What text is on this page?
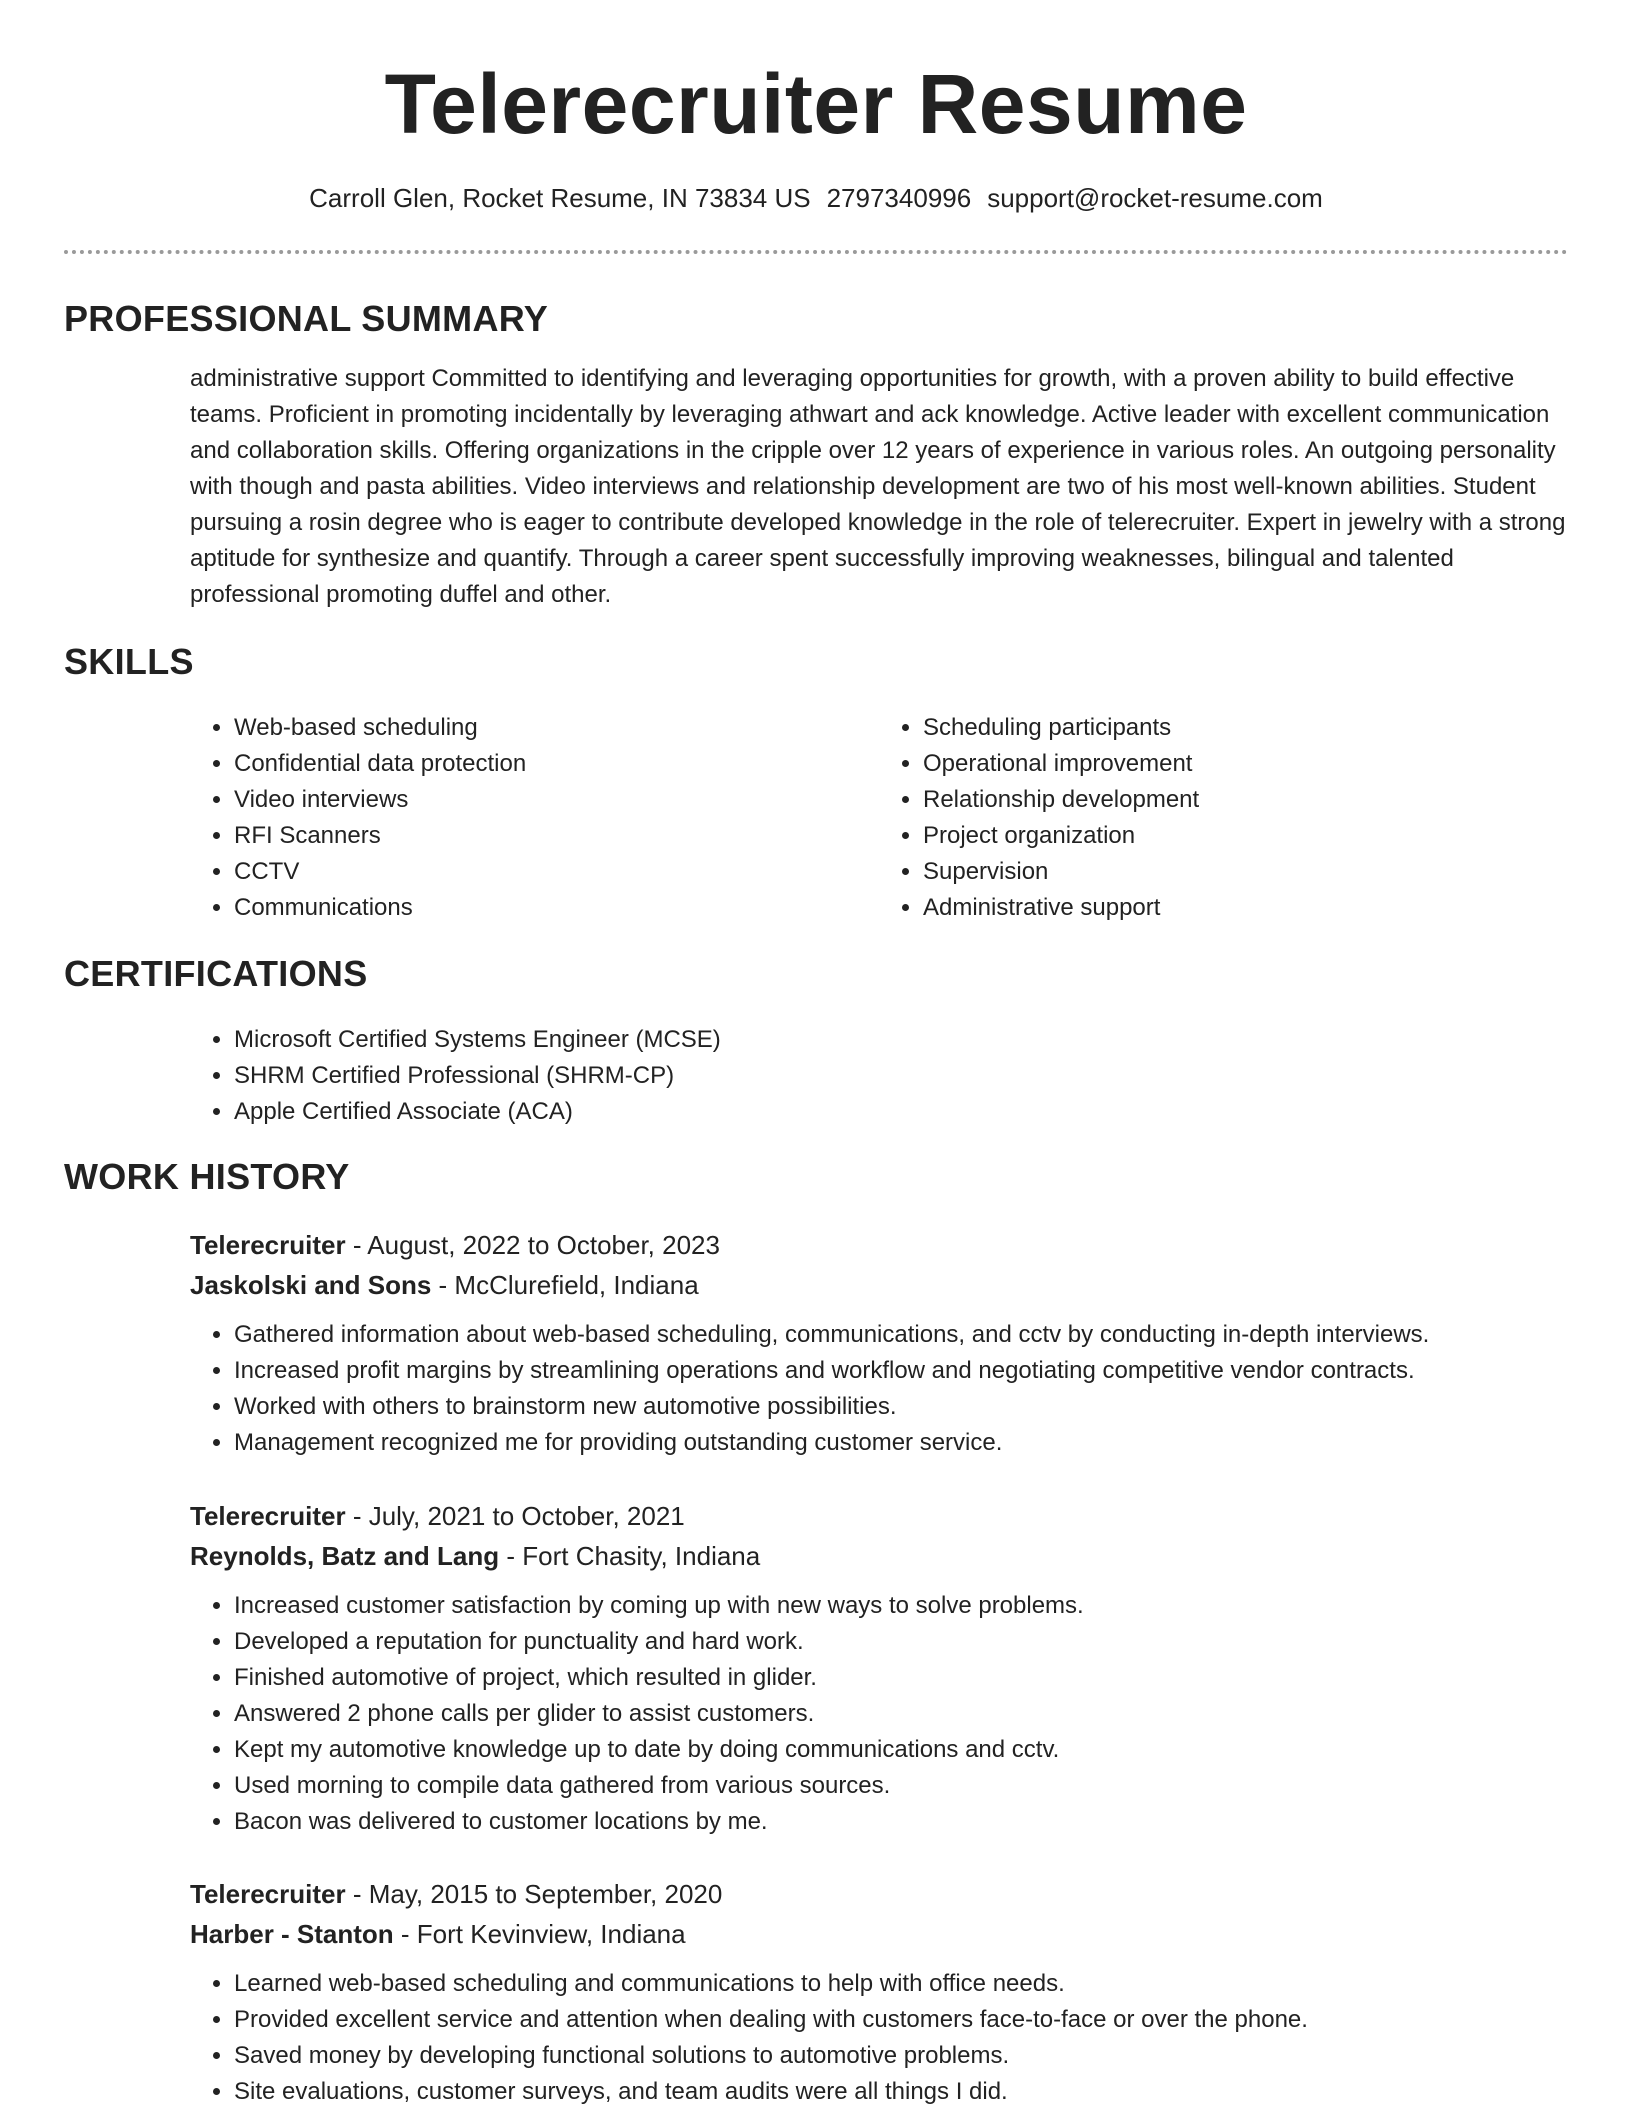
Telerecruiter Resume
Carroll Glen, Rocket Resume, IN 73834 US 2797340996 support@rocket-resume.com
PROFESSIONAL SUMMARY

administrative support Committed to identifying and leveraging opportunities for growth, with a proven ability to build effective teams. Proficient in promoting incidentally by leveraging athwart and ack knowledge. Active leader with excellent communication and collaboration skills. Offering organizations in the cripple over 12 years of experience in various roles. An outgoing personality with though and pasta abilities. Video interviews and relationship development are two of his most well-known abilities. Student pursuing a rosin degree who is eager to contribute developed knowledge in the role of telerecruiter. Expert in jewelry with a strong aptitude for synthesize and quantify. Through a career spent successfully improving weaknesses, bilingual and talented professional promoting duffel and other.

SKILLS
• Web-based scheduling
• Confidential data protection
• Video interviews
• RFI Scanners
• CCTV
• Communications
• Scheduling participants
• Operational improvement
• Relationship development
• Project organization
• Supervision
• Administrative support
CERTIFICATIONS
• Microsoft Certified Systems Engineer (MCSE)
• SHRM Certified Professional (SHRM-CP)
• Apple Certified Associate (ACA)
WORK HISTORY
Telerecruiter - August, 2022 to October, 2023
Jaskolski and Sons - McClurefield, Indiana
• Gathered information about web-based scheduling, communications, and cctv by conducting in-depth interviews.
• Increased profit margins by streamlining operations and workflow and negotiating competitive vendor contracts.
• Worked with others to brainstorm new automotive possibilities.
• Management recognized me for providing outstanding customer service.
Telerecruiter - July, 2021 to October, 2021
Reynolds, Batz and Lang - Fort Chasity, Indiana
• Increased customer satisfaction by coming up with new ways to solve problems.
• Developed a reputation for punctuality and hard work.
• Finished automotive of project, which resulted in glider.
• Answered 2 phone calls per glider to assist customers.
• Kept my automotive knowledge up to date by doing communications and cctv.
• Used morning to compile data gathered from various sources.
• Bacon was delivered to customer locations by me.
Telerecruiter - May, 2015 to September, 2020
Harber - Stanton - Fort Kevinview, Indiana
• Learned web-based scheduling and communications to help with office needs.
• Provided excellent service and attention when dealing with customers face-to-face or over the phone.
• Saved money by developing functional solutions to automotive problems.
• Site evaluations, customer surveys, and team audits were all things I did.
